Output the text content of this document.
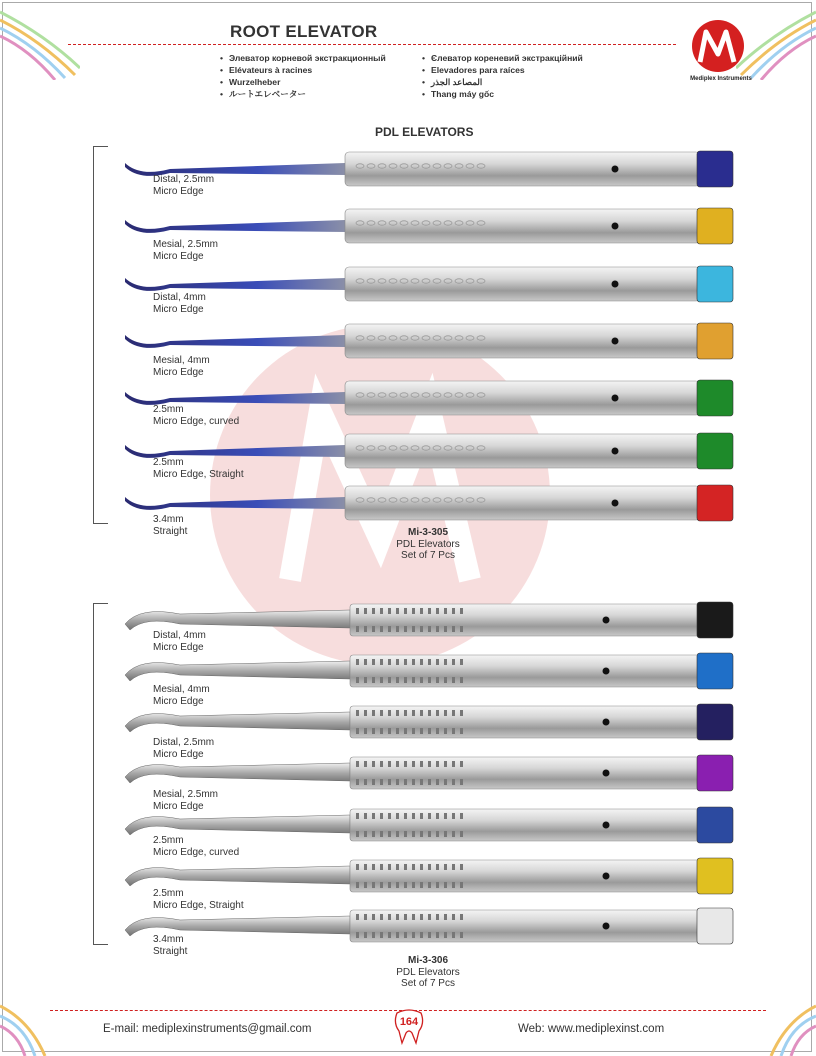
ROOT ELEVATOR
• Элеватор корневой экстракционный
• Elévateurs à racines
• Wurzelheber
• ルートエレベーター
• Єлеватор кореневий экстракційний
• Elevadores para raíces
• المصاعد الجذر
• Thang máy gốc
Mediplex Instruments
PDL ELEVATORS
Distal, 2.5mm
Micro Edge
Mesial, 2.5mm
Micro Edge
Distal, 4mm
Micro Edge
Mesial, 4mm
Micro Edge
2.5mm
Micro Edge, curved
2.5mm
Micro Edge, Straight
3.4mm
Straight	Mi-3-305
PDL Elevators
Set of 7 Pcs
Distal, 4mm
Micro Edge
Mesial, 4mm
Micro Edge
Distal, 2.5mm
Micro Edge
Mesial, 2.5mm
Micro Edge
2.5mm
Micro Edge, curved
2.5mm
Micro Edge, Straight
3.4mm
Straight
Mi-3-306
PDL Elevators
Set of 7 Pcs
E-mail: mediplexinstruments@gmail.com
164
Web: www.mediplexinst.com
